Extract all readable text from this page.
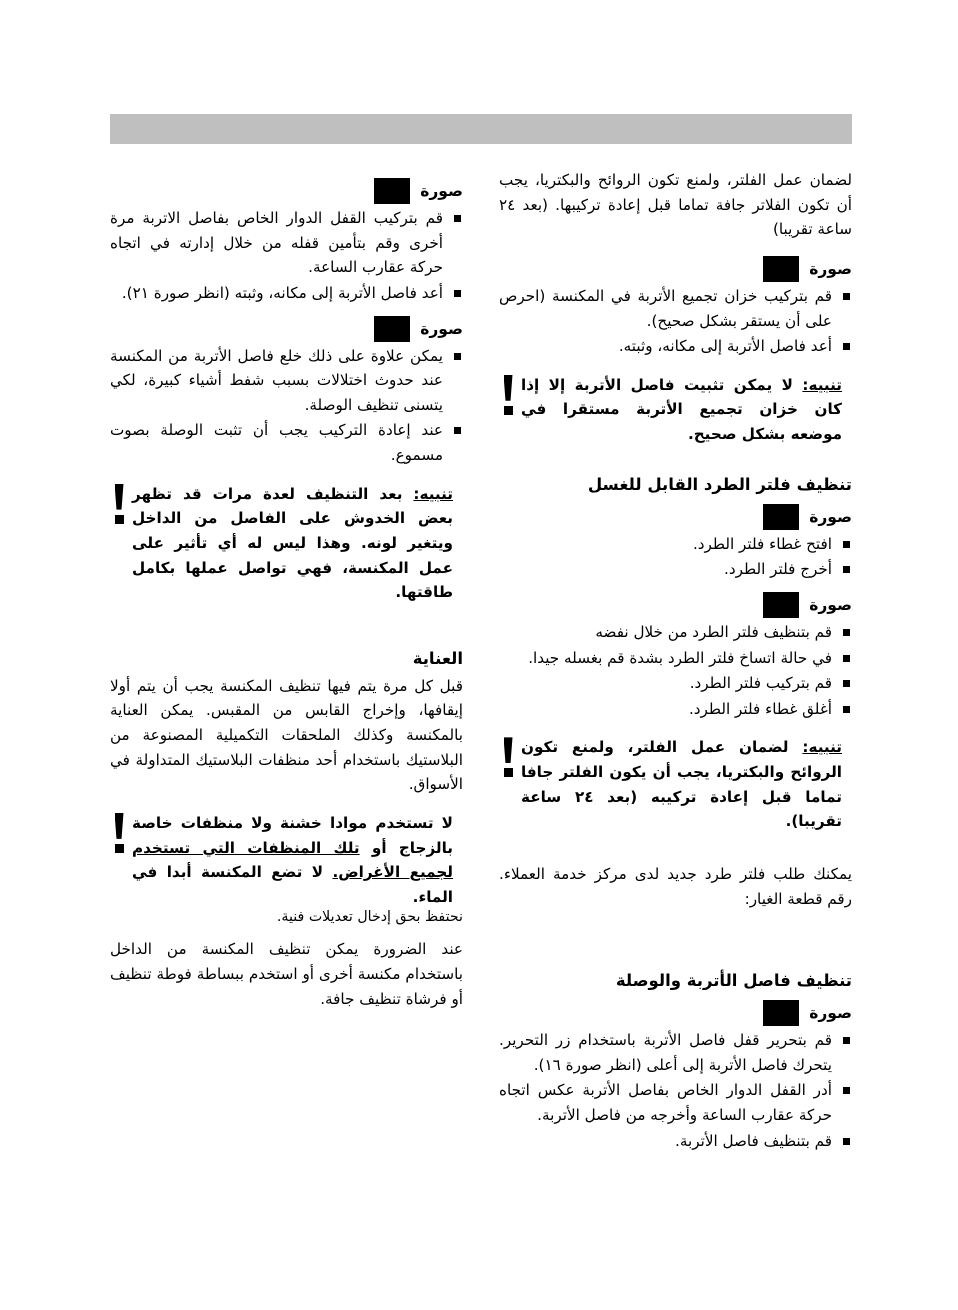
لضمان عمل الفلتر، ولمنع تكون الروائح والبكتريا، يجب أن تكون الفلاتر جافة تماما قبل إعادة تركيبها. (بعد ٢٤ ساعة تقريبا)

صورة
قم بتركيب خزان تجميع الأتربة في المكنسة (احرص على أن يستقر بشكل صحيح).
أعد فاصل الأتربة إلى مكانه، وثبته.
تنبيه: لا يمكن تثبيت فاصل الأتربة إلا إذا كان خزان تجميع الأتربة مستقرا في موضعه بشكل صحيح.
تنظيف فلتر الطرد القابل للغسل
صورة
افتح غطاء فلتر الطرد.
أخرج فلتر الطرد.
صورة
قم بتنظيف فلتر الطرد من خلال نفضه
في حالة اتساخ فلتر الطرد بشدة قم بغسله جيدا.
قم بتركيب فلتر الطرد.
أغلق غطاء فلتر الطرد.
تنبيه: لضمان عمل الفلتر، ولمنع تكون الروائح والبكتريا، يجب أن يكون الفلتر جافا تماما قبل إعادة تركيبه (بعد ٢٤ ساعة تقريبا).

يمكنك طلب فلتر طرد جديد لدى مركز خدمة العملاء. رقم قطعة الغيار:

تنظيف فاصل الأتربة والوصلة
صورة
قم بتحرير قفل فاصل الأتربة باستخدام زر التحرير. يتحرك فاصل الأتربة إلى أعلى (انظر صورة ١٦).
أدر القفل الدوار الخاص بفاصل الأتربة عكس اتجاه حركة عقارب الساعة وأخرجه من فاصل الأتربة.
قم بتنظيف فاصل الأتربة.
صورة
قم بتركيب القفل الدوار الخاص بفاصل الاتربة مرة أخرى وقم بتأمين قفله من خلال إدارته في اتجاه حركة عقارب الساعة.
أعد فاصل الأتربة إلى مكانه، وثبته (انظر صورة ٢١).
صورة
يمكن علاوة على ذلك خلع فاصل الأتربة من المكنسة عند حدوث اختلالات بسبب شفط أشياء كبيرة، لكي يتسنى تنظيف الوصلة.
عند إعادة التركيب يجب أن تثبت الوصلة بصوت مسموع.
تنبيه: بعد التنظيف لعدة مرات قد تظهر بعض الخدوش على الفاصل من الداخل ويتغير لونه. وهذا ليس له أي تأثير على عمل المكنسة، فهي تواصل عملها بكامل طاقتها.
العناية

قبل كل مرة يتم فيها تنظيف المكنسة يجب أن يتم أولا إيقافها، وإخراج القابس من المقبس. يمكن العناية بالمكنسة وكذلك الملحقات التكميلية المصنوعة من البلاستيك باستخدام أحد منظفات البلاستيك المتداولة في الأسواق.

لا تستخدم موادا خشنة ولا منظفات خاصة بالزجاج أو تلك المنظفات التي تستخدم لجميع الأغراض. لا تضع المكنسة أبدا في الماء.

عند الضرورة يمكن تنظيف المكنسة من الداخل باستخدام مكنسة أخرى أو استخدم ببساطة فوطة تنظيف أو فرشاة تنظيف جافة.

نحتفظ بحق إدخال تعديلات فنية.
